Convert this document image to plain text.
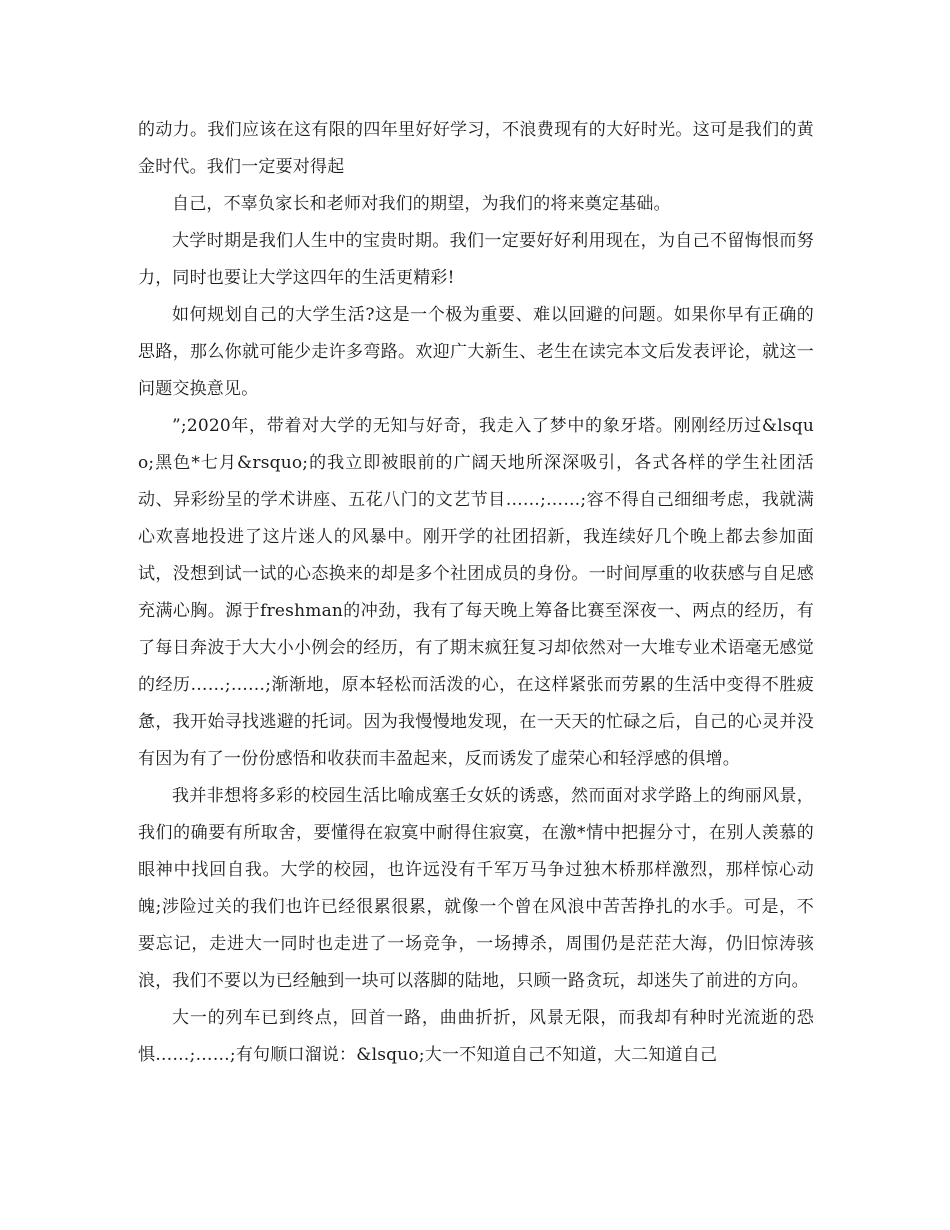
的动力。我们应该在这有限的四年里好好学习，不浪费现有的大好时光。这可是我们的黄金时代。我们一定要对得起

自己，不辜负家长和老师对我们的期望，为我们的将来奠定基础。

大学时期是我们人生中的宝贵时期。我们一定要好好利用现在，为自己不留悔恨而努力，同时也要让大学这四年的生活更精彩!

如何规划自己的大学生活?这是一个极为重要、难以回避的问题。如果你早有正确的思路，那么你就可能少走许多弯路。欢迎广大新生、老生在读完本文后发表评论，就这一问题交换意见。

”;2020年，带着对大学的无知与好奇，我走入了梦中的象牙塔。刚刚经历过&lsquo;黑色*七月&rsquo;的我立即被眼前的广阔天地所深深吸引，各式各样的学生社团活动、异彩纷呈的学术讲座、五花八门的文艺节目……;……;容不得自己细细考虑，我就满心欢喜地投进了这片迷人的风暴中。刚开学的社团招新，我连续好几个晚上都去参加面试，没想到试一试的心态换来的却是多个社团成员的身份。一时间厚重的收获感与自足感充满心胸。源于freshman的冲劲，我有了每天晚上筹备比赛至深夜一、两点的经历，有了每日奔波于大大小小例会的经历，有了期末疯狂复习却依然对一大堆专业术语毫无感觉的经历……;……;渐渐地，原本轻松而活泼的心，在这样紧张而劳累的生活中变得不胜疲惫，我开始寻找逃避的托词。因为我慢慢地发现，在一天天的忙碌之后，自己的心灵并没有因为有了一份份感悟和收获而丰盈起来，反而诱发了虚荣心和轻浮感的俱增。

我并非想将多彩的校园生活比喻成塞壬女妖的诱惑，然而面对求学路上的绚丽风景，我们的确要有所取舍，要懂得在寂寞中耐得住寂寞，在激*情中把握分寸，在别人羡慕的眼神中找回自我。大学的校园，也许远没有千军万马争过独木桥那样激烈，那样惊心动魄;涉险过关的我们也许已经很累很累，就像一个曾在风浪中苦苦挣扎的水手。可是，不要忘记，走进大一同时也走进了一场竞争，一场搏杀，周围仍是茫茫大海，仍旧惊涛骇浪，我们不要以为已经触到一块可以落脚的陆地，只顾一路贪玩，却迷失了前进的方向。

大一的列车已到终点，回首一路，曲曲折折，风景无限，而我却有种时光流逝的恐惧……;……;有句顺口溜说：&lsquo;大一不知道自己不知道，大二知道自己
